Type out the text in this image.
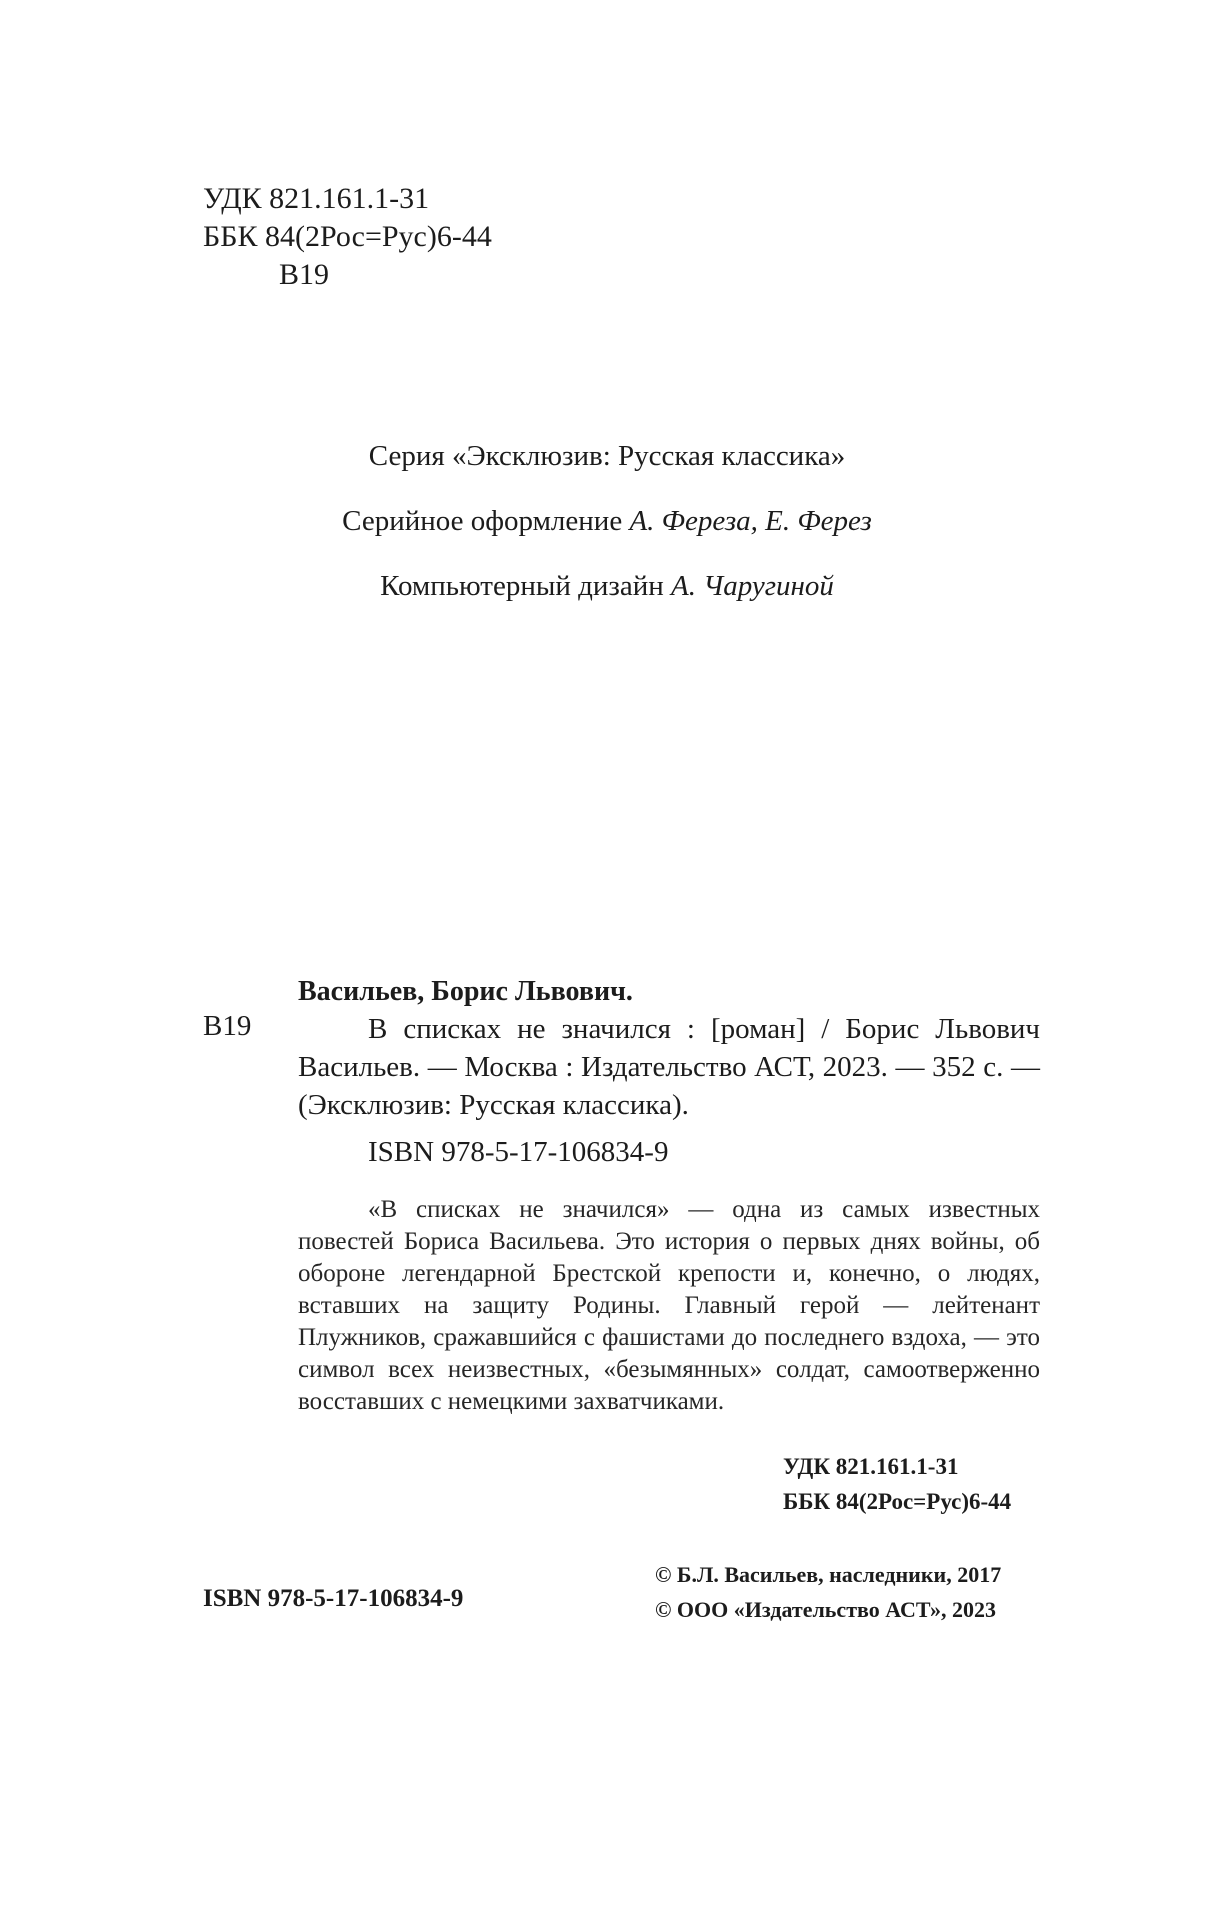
УДК 821.161.1-31
ББК 84(2Рос=Рус)6-44
В19
Серия «Эксклюзив: Русская классика»
Серийное оформление А. Фереза, Е. Ферез
Компьютерный дизайн А. Чаругиной
Васильев, Борис Львович.
В19	В списках не значился : [роман] / Борис Львович Васильев. — Москва : Издательство АСТ, 2023. — 352 с. — (Эксклюзив: Русская классика).
ISBN 978-5-17-106834-9
«В списках не значился» — одна из самых известных повестей Бориса Васильева. Это история о первых днях войны, об обороне легендарной Брестской крепости и, конечно, о людях, вставших на защиту Родины. Главный герой — лейтенант Плужников, сражавшийся с фашистами до последнего вздоха, — это символ всех неизвестных, «безымянных» солдат, самоотверженно восставших с немецкими захватчиками.
УДК 821.161.1-31
ББК 84(2Рос=Рус)6-44
ISBN 978-5-17-106834-9
© Б.Л. Васильев, наследники, 2017
© ООО «Издательство АСТ», 2023
